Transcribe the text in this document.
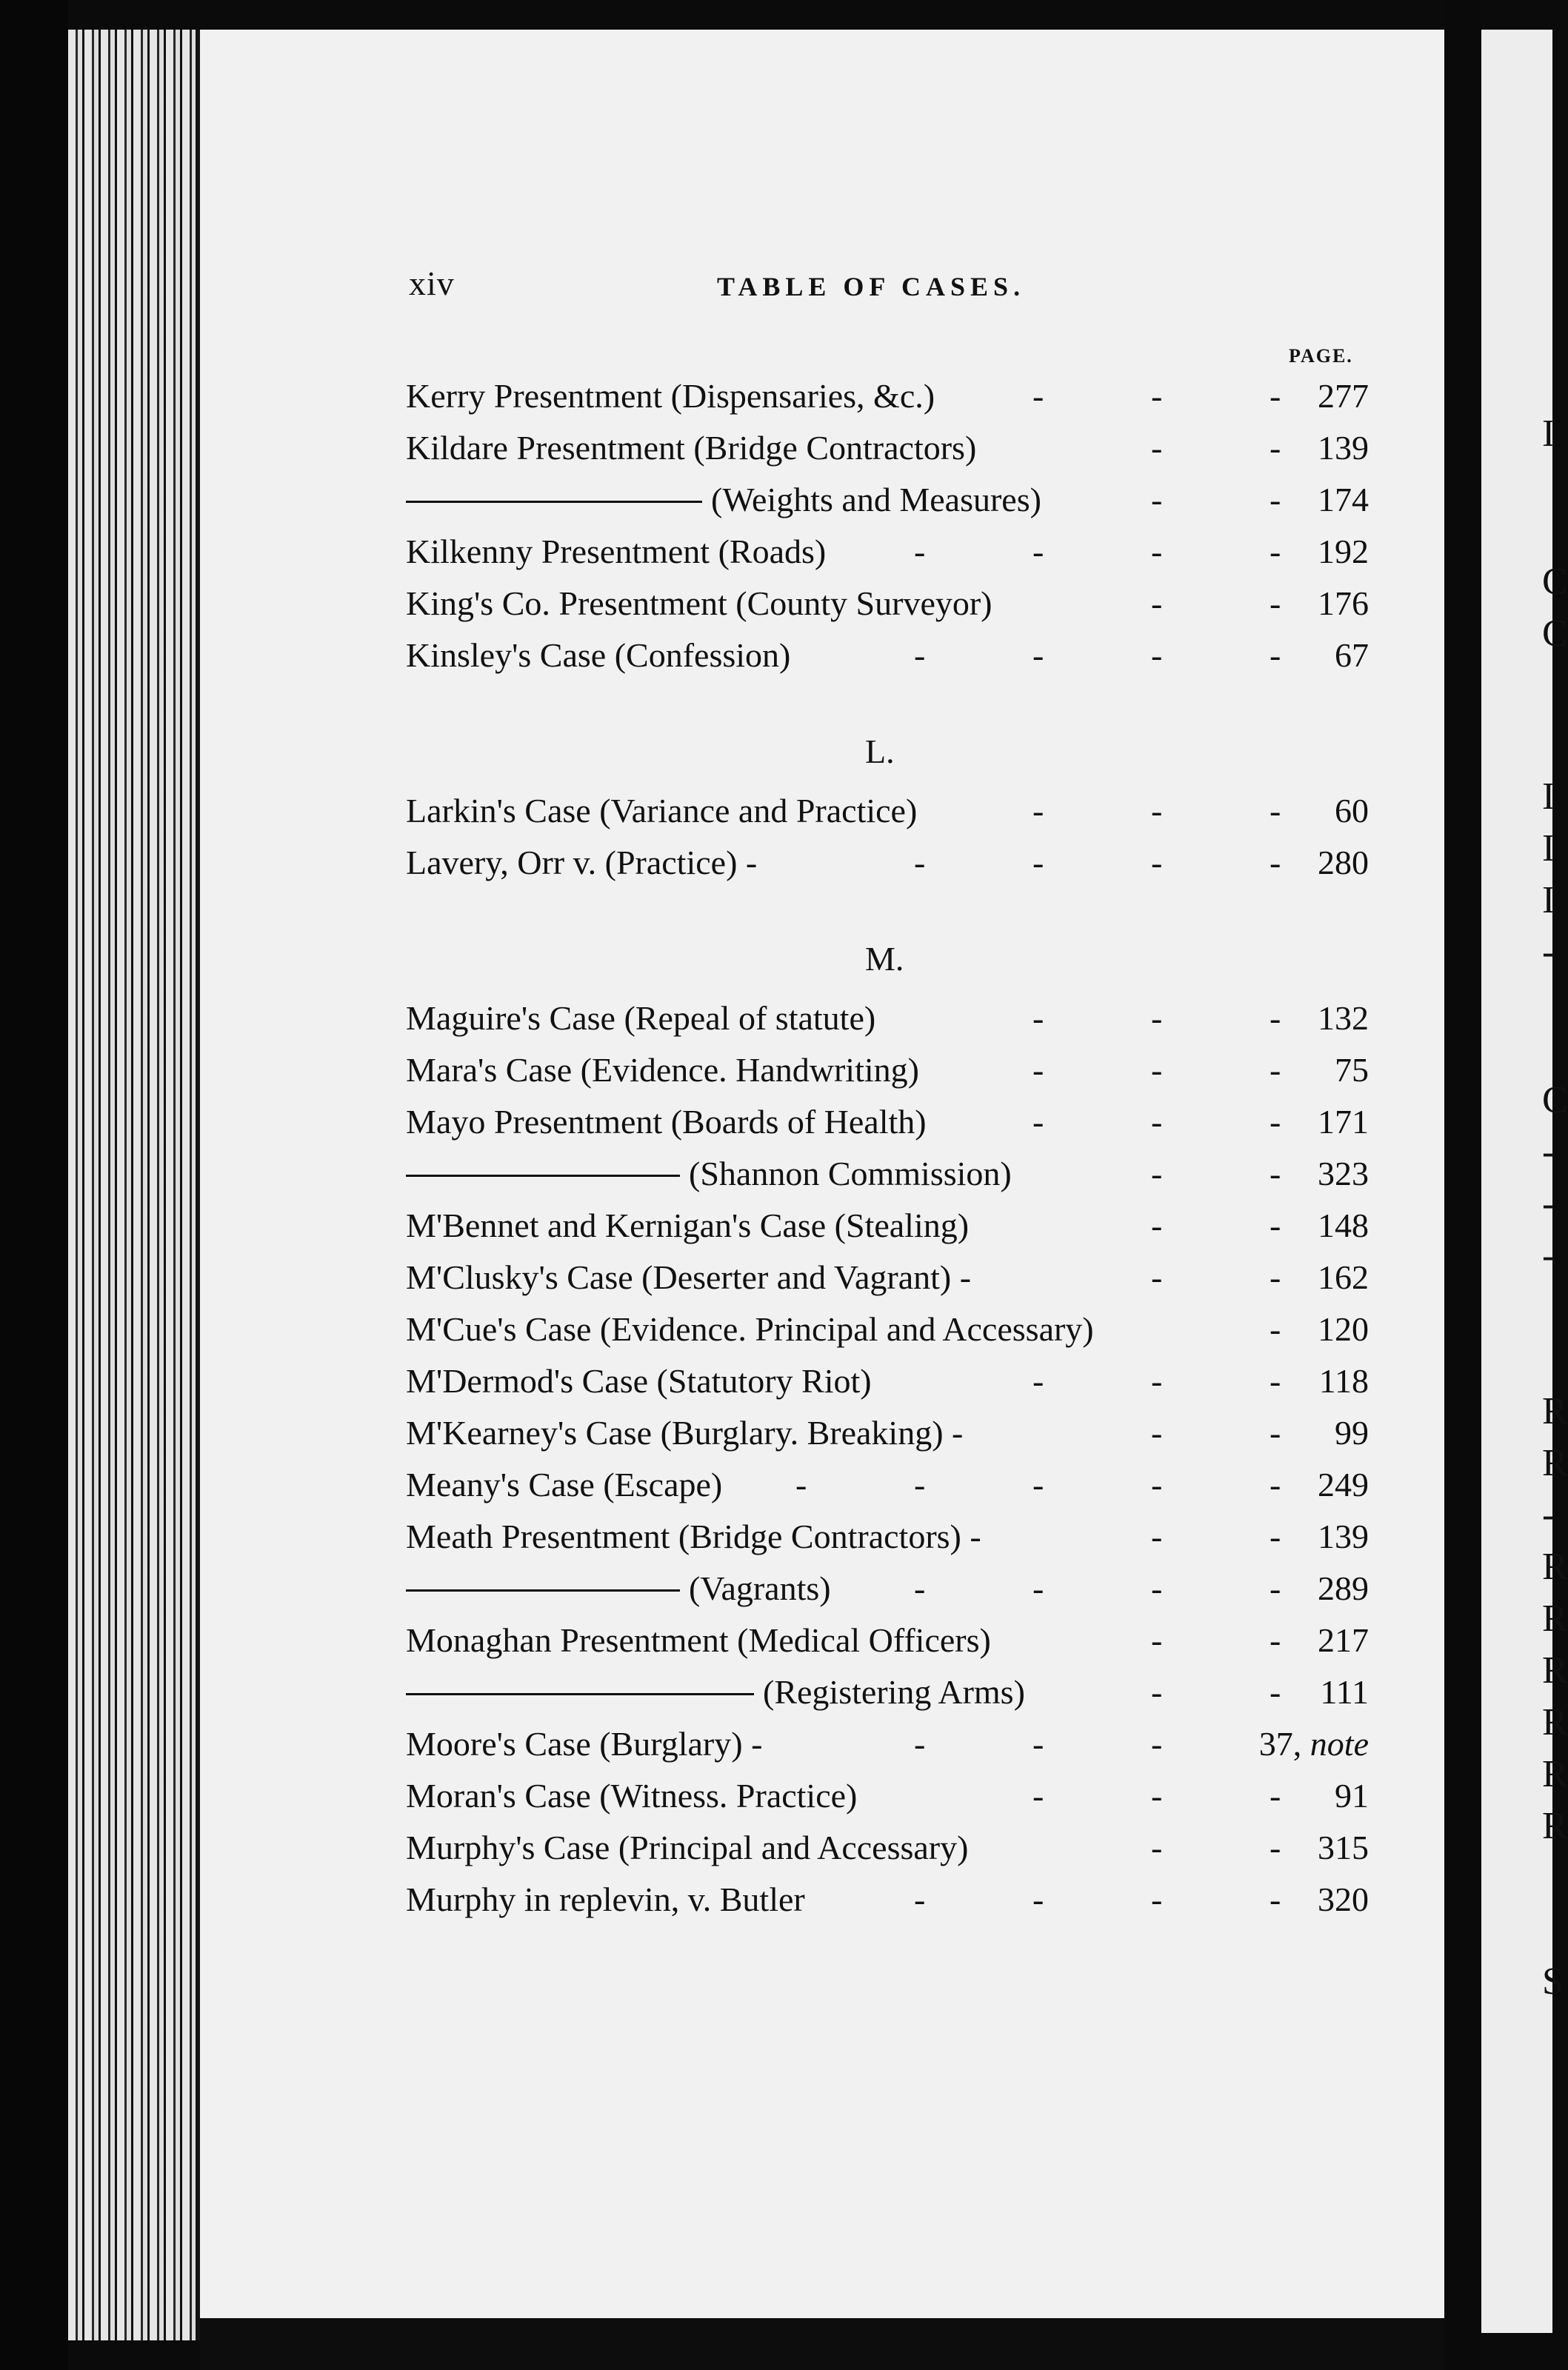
I
C
C
I
I
I
-
C
-
-
-
R
R
-
R
R
R
R
R
R
S
xiv	TABLE OF CASES.
PAGE.
Kerry Presentment (Dispensaries, &c.)	-	-	- 277
Kildare Presentment (Bridge Contractors)	-	- 139
(Weights and Measures)	-	- 174
Kilkenny Presentment (Roads)	-	-	-	- 192
King's Co. Presentment (County Surveyor)	-	- 176
Kinsley's Case (Confession)	-	-	-	- 67
L.
Larkin's Case (Variance and Practice)	-	-	- 60
Lavery, Orr v. (Practice) -	-	-	-	- 280
M.
Maguire's Case (Repeal of statute)	-	-	- 132
Mara's Case (Evidence. Handwriting)	-	-	- 75
Mayo Presentment (Boards of Health)	-	-	- 171
(Shannon Commission)	-	- 323
M'Bennet and Kernigan's Case (Stealing)	-	- 148
M'Clusky's Case (Deserter and Vagrant) -	-	- 162
M'Cue's Case (Evidence. Principal and Accessary)	- 120
M'Dermod's Case (Statutory Riot)	-	-	- 118
M'Kearney's Case (Burglary. Breaking) -	-	- 99
Meany's Case (Escape) -	-	-	-	- 249
Meath Presentment (Bridge Contractors) -	-	- 139
(Vagrants) -	-	-	- 289
Monaghan Presentment (Medical Officers)	-	- 217
(Registering Arms)	-	- 111
Moore's Case (Burglary) -	-	-	-	37, note
Moran's Case (Witness. Practice)	-	-	- 91
Murphy's Case (Principal and Accessary)	-	- 315
Murphy in replevin, v. Butler	-	-	-	- 320
